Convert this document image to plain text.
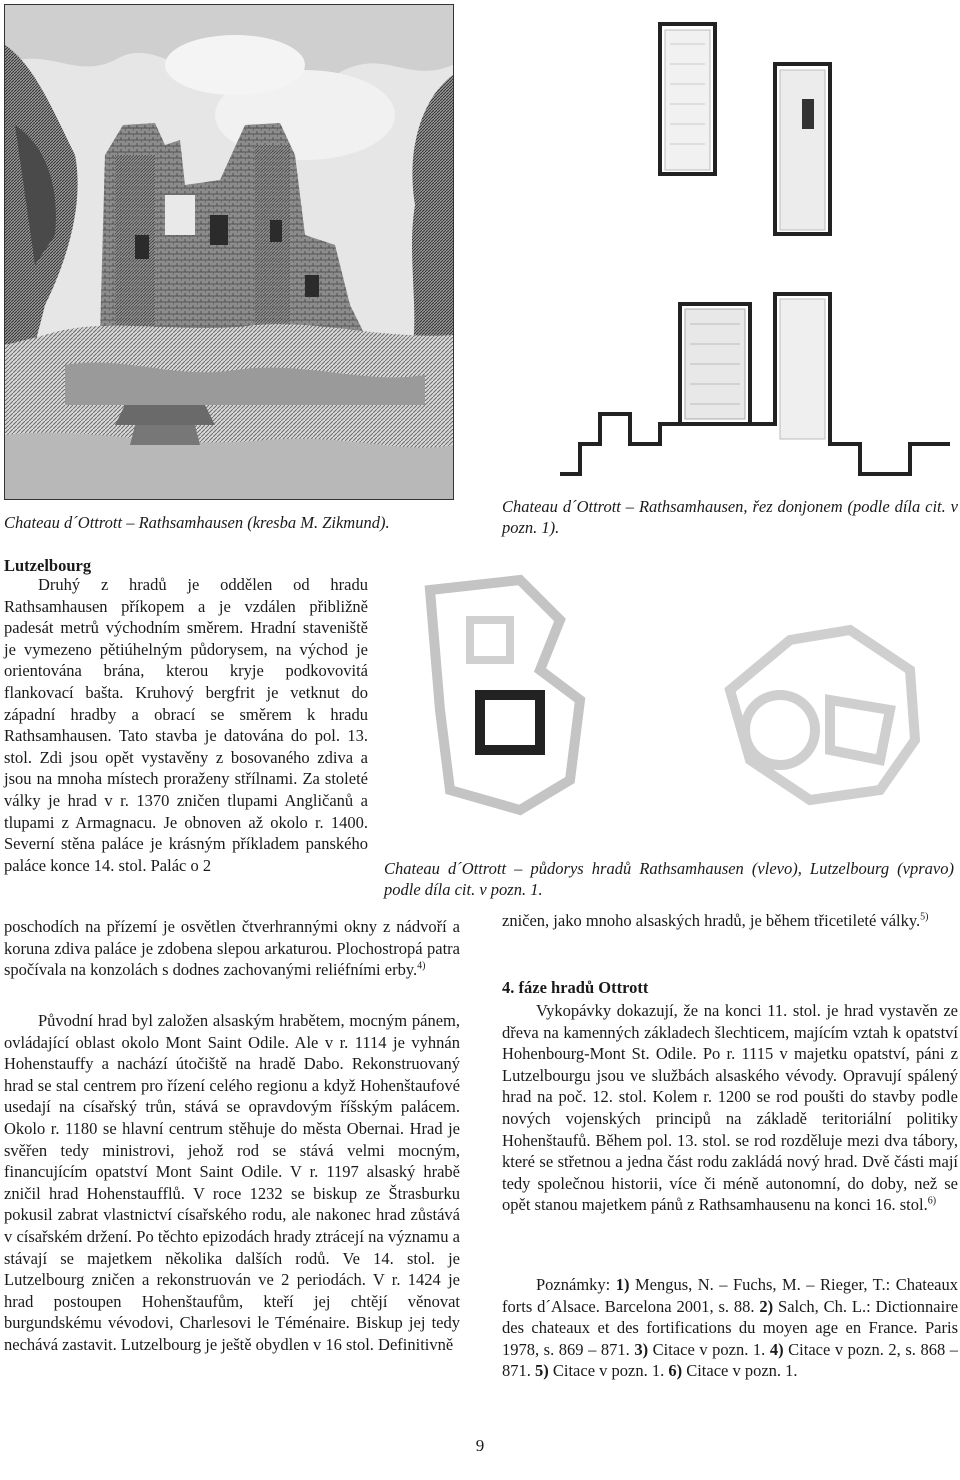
Chateau d´Ottrott – Rathsamhausen (kresba M. Zikmund).
Chateau d´Ottrott – Rathsamhausen, řez donjonem (podle díla cit. v pozn. 1).
Chateau d´Ottrott – půdorys hradů Rathsamhausen (vlevo), Lutzelbourg (vpravo) podle díla cit. v pozn. 1.
Lutzelbourg

Druhý z hradů je oddělen od hradu Rathsamhausen příkopem a je vzdálen přibližně padesát metrů východním směrem. Hradní staveniště je vymezeno pětiúhelným půdorysem, na východ je orientována brána, kterou kryje podkovovitá flankovací bašta. Kruhový bergfrit je vetknut do západní hradby a obrací se směrem k hradu Rathsamhausen. Tato stavba je datována do pol. 13. stol. Zdi jsou opět vystavěny z bosovaného zdiva a jsou na mnoha místech proraženy střílnami. Za stoleté války je hrad v r. 1370 zničen tlupami Angličanů a tlupami z Armagnacu. Je obnoven až okolo r. 1400. Severní stěna paláce je krásným příkladem panského paláce konce 14. stol. Palác o 2

poschodích na přízemí je osvětlen čtverhrannými okny z nádvoří a koruna zdiva paláce je zdobena slepou arkaturou. Plochostropá patra spočívala na konzolách s dodnes zachovanými reliéfními erby.$^{4)}$

Původní hrad byl založen alsaským hrabětem, mocným pánem, ovládající oblast okolo Mont Saint Odile. Ale v r. 1114 je vyhnán Hohenstauffy a nachází útočiště na hradě Dabo. Rekonstruovaný hrad se stal centrem pro řízení celého regionu a když Hohenštaufové usedají na císařský trůn, stává se opravdovým říšským palácem. Okolo r. 1180 se hlavní centrum stěhuje do města Obernai. Hrad je svěřen tedy ministrovi, jehož rod se stává velmi mocným, financujícím opatství Mont Saint Odile. V r. 1197 alsaský hrabě zničil hrad Hohenstaufflů. V roce 1232 se biskup ze Štrasburku pokusil zabrat vlastnictví císařského rodu, ale nakonec hrad zůstává v císařském držení. Po těchto epizodách hrady ztrácejí na významu a stávají se majetkem několika dalších rodů. Ve 14. stol. je Lutzelbourg zničen a rekonstruován ve 2 periodách. V r. 1424 je hrad postoupen Hohenštaufům, kteří jej chtějí věnovat burgundskému vévodovi, Charlesovi le Téménaire. Biskup jej tedy nechává zastavit. Lutzelbourg je ještě obydlen v 16 stol. Definitivně

zničen, jako mnoho alsaských hradů, je během třicetileté války.$^{5)}$

4. fáze hradů Ottrott

Vykopávky dokazují, že na konci 11. stol. je hrad vystavěn ze dřeva na kamenných základech šlechticem, majícím vztah k opatství Hohenbourg-Mont St. Odile. Po r. 1115 v majetku opatství, páni z Lutzelbourgu jsou ve službách alsaského vévody. Opravují spálený hrad na poč. 12. stol. Kolem r. 1200 se rod poušti do stavby podle nových vojenských principů na základě teritoriální politiky Hohenštaufů. Během pol. 13. stol. se rod rozděluje mezi dva tábory, které se střetnou a jedna část rodu zakládá nový hrad. Dvě části mají tedy společnou historii, více či méně autonomní, do doby, než se opět stanou majetkem pánů z Rathsamhausenu na konci 16. stol.$^{6)}$

Poznámky: 1) Mengus, N. – Fuchs, M. – Rieger, T.: Chateaux forts d´Alsace. Barcelona 2001, s. 88. 2) Salch, Ch. L.: Dictionnaire des chateaux et des fortifications du moyen age en France. Paris 1978, s. 869 – 871. 3) Citace v pozn. 1. 4) Citace v pozn. 2, s. 868 – 871. 5) Citace v pozn. 1. 6) Citace v pozn. 1.

9
